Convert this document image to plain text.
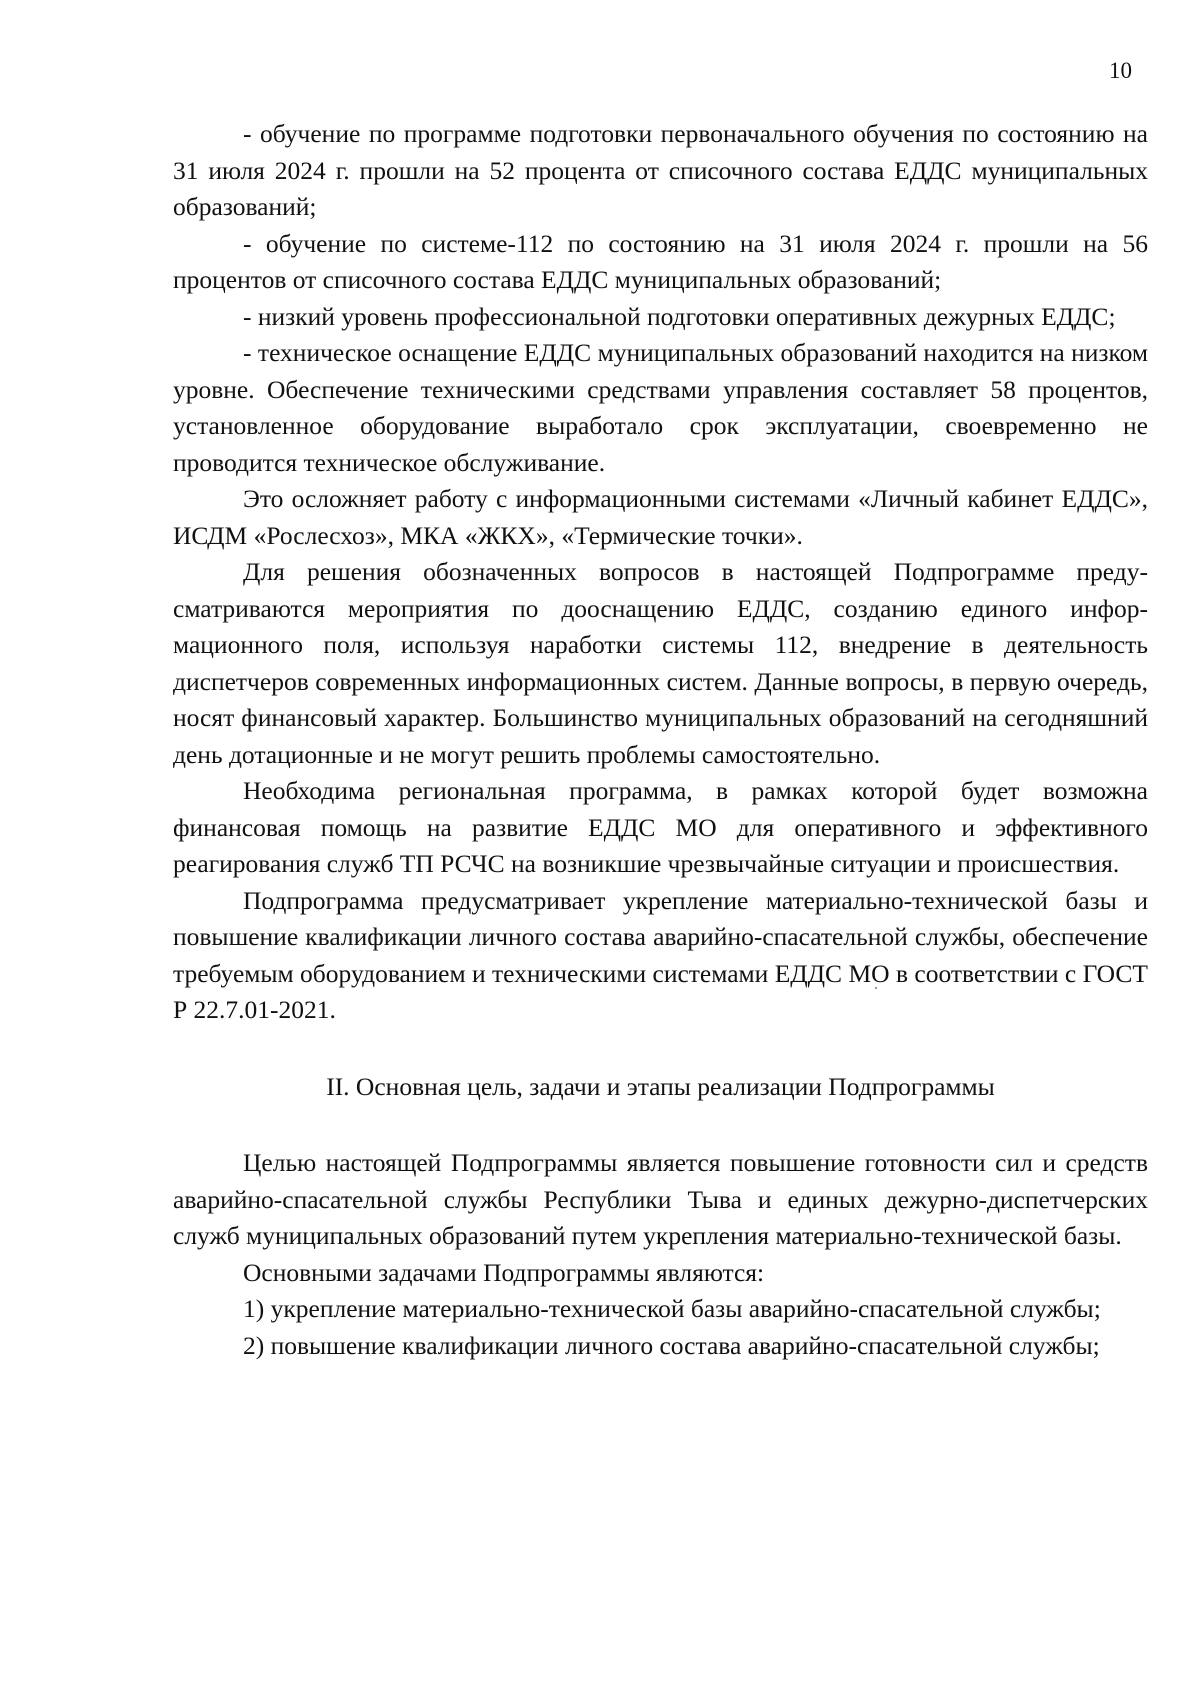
10

- обучение по программе подготовки первоначального обучения по состоянию на 31 июля 2024 г. прошли на 52 процента от списочного состава ЕДДС муниципальных образований;

- обучение по системе-112 по состоянию на 31 июля 2024 г. прошли на 56 процентов от списочного состава ЕДДС муниципальных образований;

- низкий уровень профессиональной подготовки оперативных дежурных ЕДДС;

- техническое оснащение ЕДДС муниципальных образований находится на низком уровне. Обеспечение техническими средствами управления составляет 58 процентов, установленное оборудование выработало срок эксплуатации, своевременно не проводится техническое обслуживание.

Это осложняет работу с информационными системами «Личный кабинет ЕДДС», ИСДМ «Рослесхоз», МКА «ЖКХ», «Термические точки».

Для решения обозначенных вопросов в настоящей Подпрограмме предусматриваются мероприятия по дооснащению ЕДДС, созданию единого информационного поля, используя наработки системы 112, внедрение в деятельность диспетчеров современных информационных систем. Данные вопросы, в первую очередь, носят финансовый характер. Большинство муниципальных образований на сегодняшний день дотационные и не могут решить проблемы самостоятельно.

Необходима региональная программа, в рамках которой будет возможна финансовая помощь на развитие ЕДДС МО для оперативного и эффективного реагирования служб ТП РСЧС на возникшие чрезвычайные ситуации и происшествия.

Подпрограмма предусматривает укрепление материально-технической базы и повышение квалификации личного состава аварийно-спасательной службы, обеспечение требуемым оборудованием и техническими системами ЕДДС МО в соответствии с ГОСТ Р 22.7.01-2021.

II. Основная цель, задачи и этапы реализации Подпрограммы

Целью настоящей Подпрограммы является повышение готовности сил и средств аварийно-спасательной службы Республики Тыва и единых дежурно-диспетчерских служб муниципальных образований путем укрепления материально-технической базы.

Основными задачами Подпрограммы являются:

1) укрепление материально-технической базы аварийно-спасательной службы;

2) повышение квалификации личного состава аварийно-спасательной службы;
